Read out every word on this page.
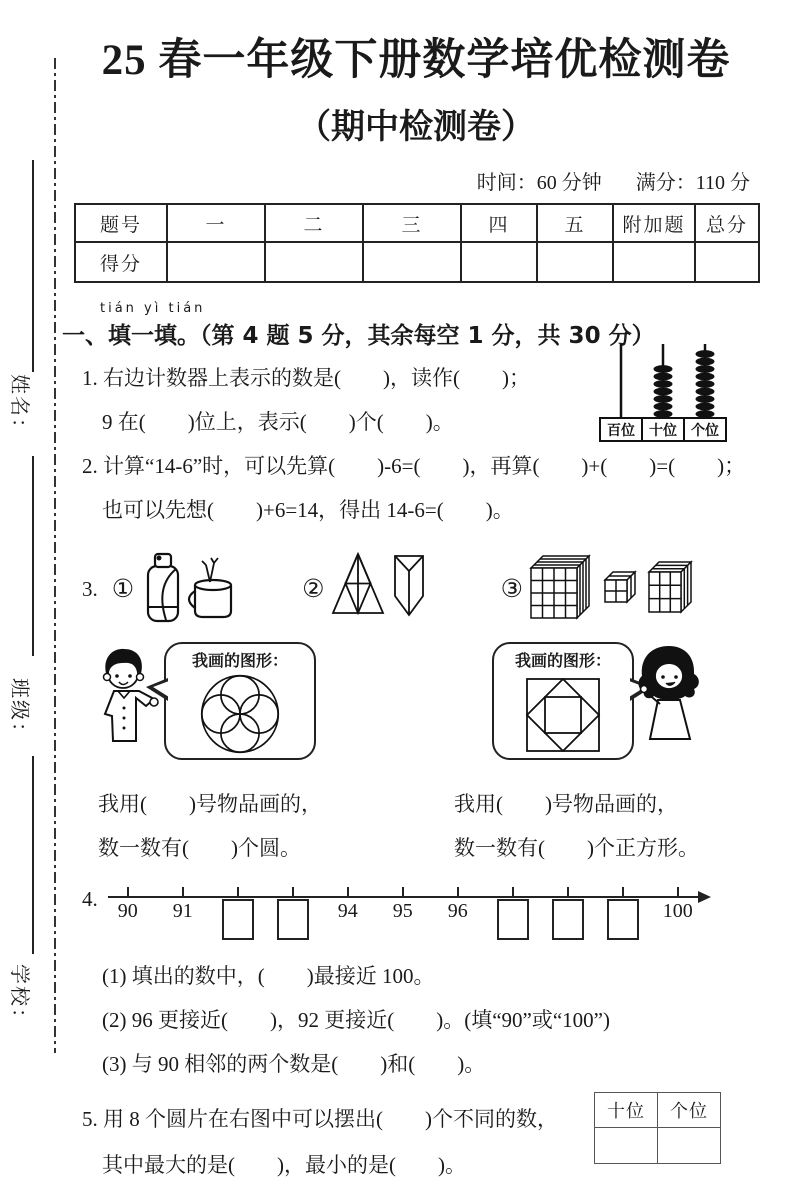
姓名：
班级：
学校：
25 春一年级下册数学培优检测卷
（期中检测卷）
时间：60 分钟 满分：110 分
题号	一	二	三	四	五	附加题	总分
得分							
tián yì tián
一、填一填。（第 4 题 5 分，其余每空 1 分，共 30 分）
1. 右边计数器上表示的数是(　　)，读作(　　)；
9 在(　　)位上，表示(　　)个(　　)。	百位 十位 个位
2. 计算“14-6”时，可以先算(　　)-6=(　　)，再算(　　)+(　　)=(　　)；
也可以先想(　　)+6=14，得出 14-6=(　　)。
3. ①	②	③
我画的图形：	我画的图形：
我用(　　)号物品画的，
数一数有(　　)个圆。
我用(　　)号物品画的，
数一数有(　　)个正方形。
4.	90	91	94	95	96	100
(1) 填出的数中，(　　)最接近 100。
(2) 96 更接近(　　)，92 更接近(　　)。(填“90”或“100”)
(3) 与 90 相邻的两个数是(　　)和(　　)。
5. 用 8 个圆片在右图中可以摆出(　　)个不同的数，
其中最大的是(　　)，最小的是(　　)。
十位	个位
